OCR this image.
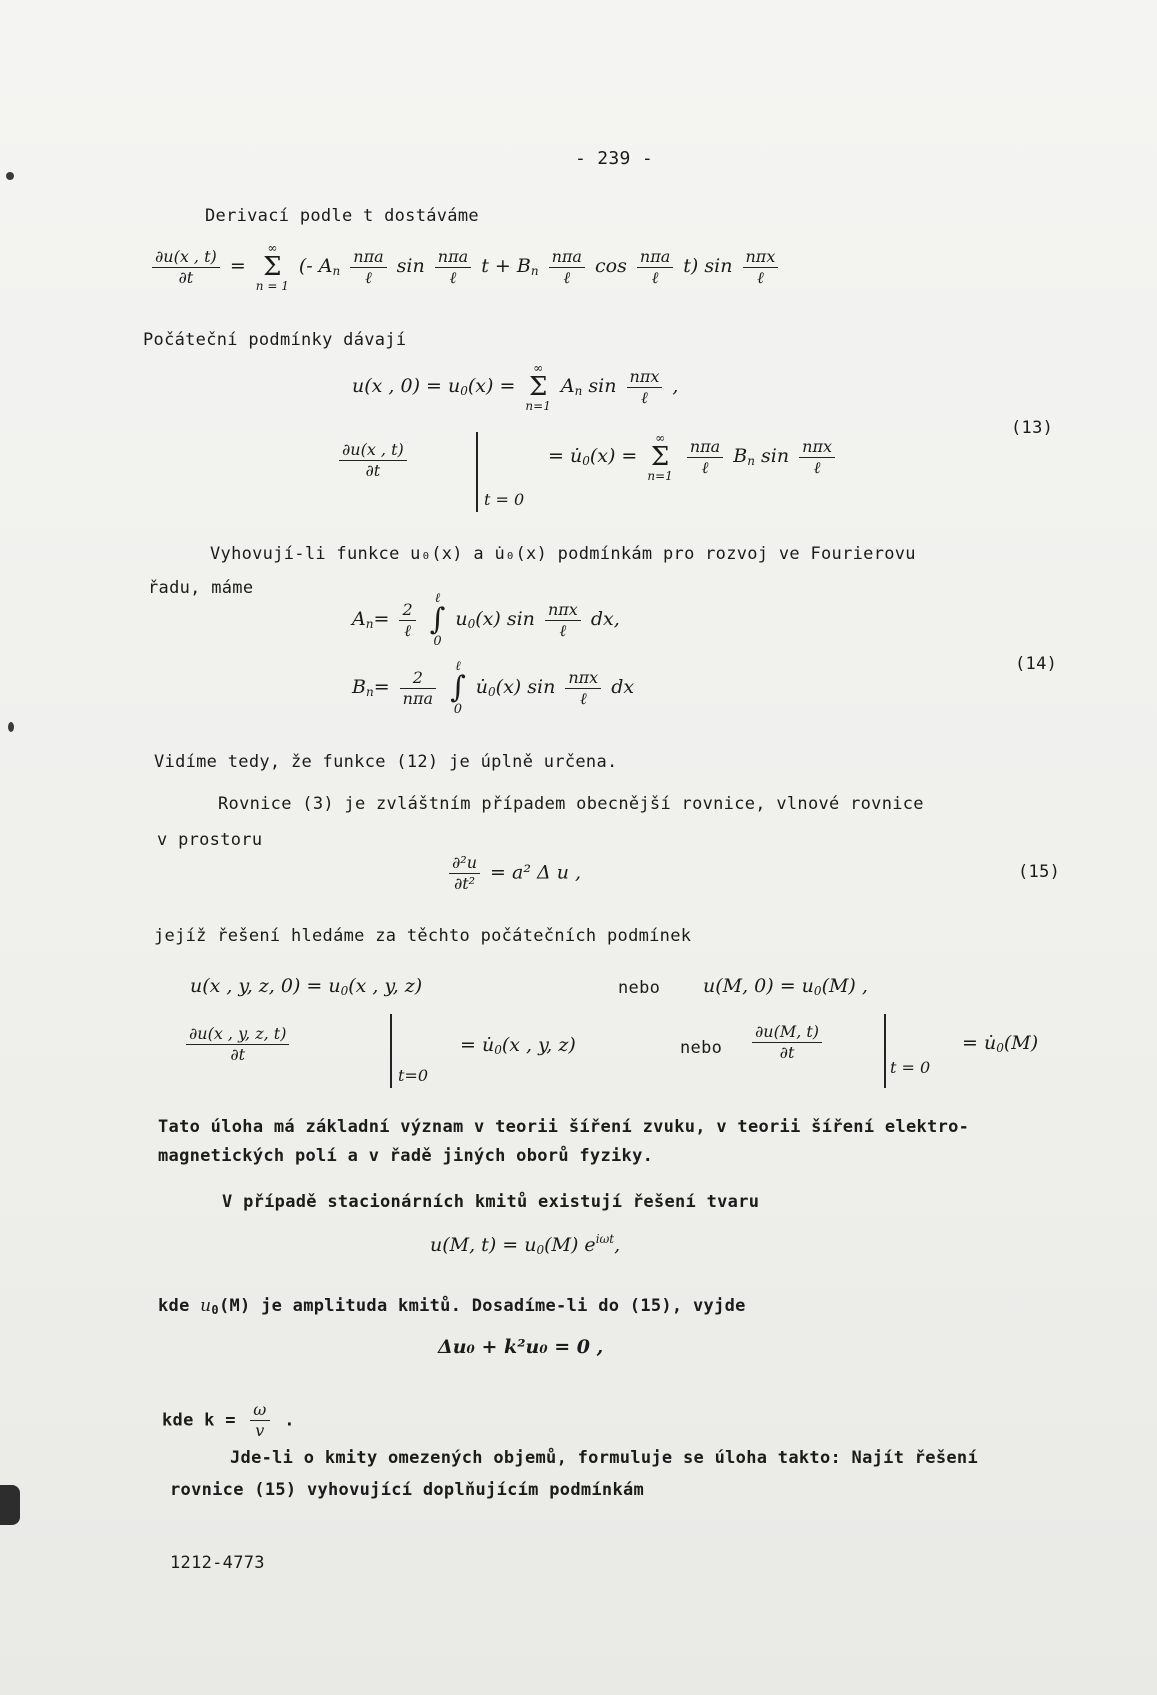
- 239 -
Derivací podle t dostáváme
$\frac{\partial u(x , t)}{\partial t}$ =
∞
Σ
n = 1
(- $A_n \frac{\text{nπa}}{\text{ℓ}}$ $\sin \frac{\text{nπa}}{\text{ℓ}}$ $t + B_n \frac{\text{nπa}}{\text{ℓ}}$ $\cos \frac{\text{nπa}}{\text{ℓ}} t$) $\sin \frac{\text{nπx}}{\text{ℓ}}$
Počáteční podmínky dávají
u(x , $0) = u_0(x)$ =
∞
Σ
n=1
$A_n$ $\sin \frac{\text{nπx}}{\text{ℓ}}$ ,
$\frac{\partial u(x , t)}{\partial t}$
t = 0
= $u̇_0(x)$ =
∞
Σ
n=1
$\frac{\text{nπa}}{\text{ℓ}} B_n$ $\sin \frac{\text{nπx}}{\text{ℓ}}$
(13)
Vyhovují-li funkce u₀(x) a u̇₀(x) podmínkám pro rozvoj ve Fourierovu
řadu, máme
$A_n= \frac{2}{\text{ℓ}}$

ℓ
∫
0
$u_0(x)$ $\sin \frac{\text{nπx}}{\text{ℓ}}$ dx,
$B_n= \frac{2}{\text{nπa}}$

ℓ
∫
0
$u̇_0(x)$ $\sin \frac{\text{nπx}}{\text{ℓ}}$ dx
(14)
Vidíme tedy, že funkce (12) je úplně určena.
Rovnice (3) je zvláštním případem obecnější rovnice, vlnové rovnice
v prostoru
$\frac{\text{∂²u}}{\text{∂t²}} = a^2$ Δ u ,	(15)
jejíž řešení hledáme za těchto počátečních podmínek
u(x , y, z, $0) = u_0(x$ , y, z)	nebo u(M, $0) = u_0(M)$ ,
$\frac{\partial u(x , y, z, t)}{\partial t}$
t=0
= $u̇_0(x$ , y, z)	nebo $\frac{\partial u(M, t)}{\partial t}$
t = 0
= $u̇_0(M)$
Tato úloha má základní význam v teorii šíření zvuku, v teorii šíření elektro-
magnetických polí a v řadě jiných oborů fyziky.
V případě stacionárních kmitů existují řešení tvaru
u(M, $t) = u_0(M)$ $e^{i\omega t}$,
kde $u_0(M)$ je amplituda kmitů. Dosadíme-li do (15), vyjde
Δu₀ + k²u₀ = 0 ,
kde $k = \frac{\omega}{v}$ .
Jde-li o kmity omezených objemů, formuluje se úloha takto: Najít řešení
rovnice (15) vyhovující doplňujícím podmínkám
1212-4773
